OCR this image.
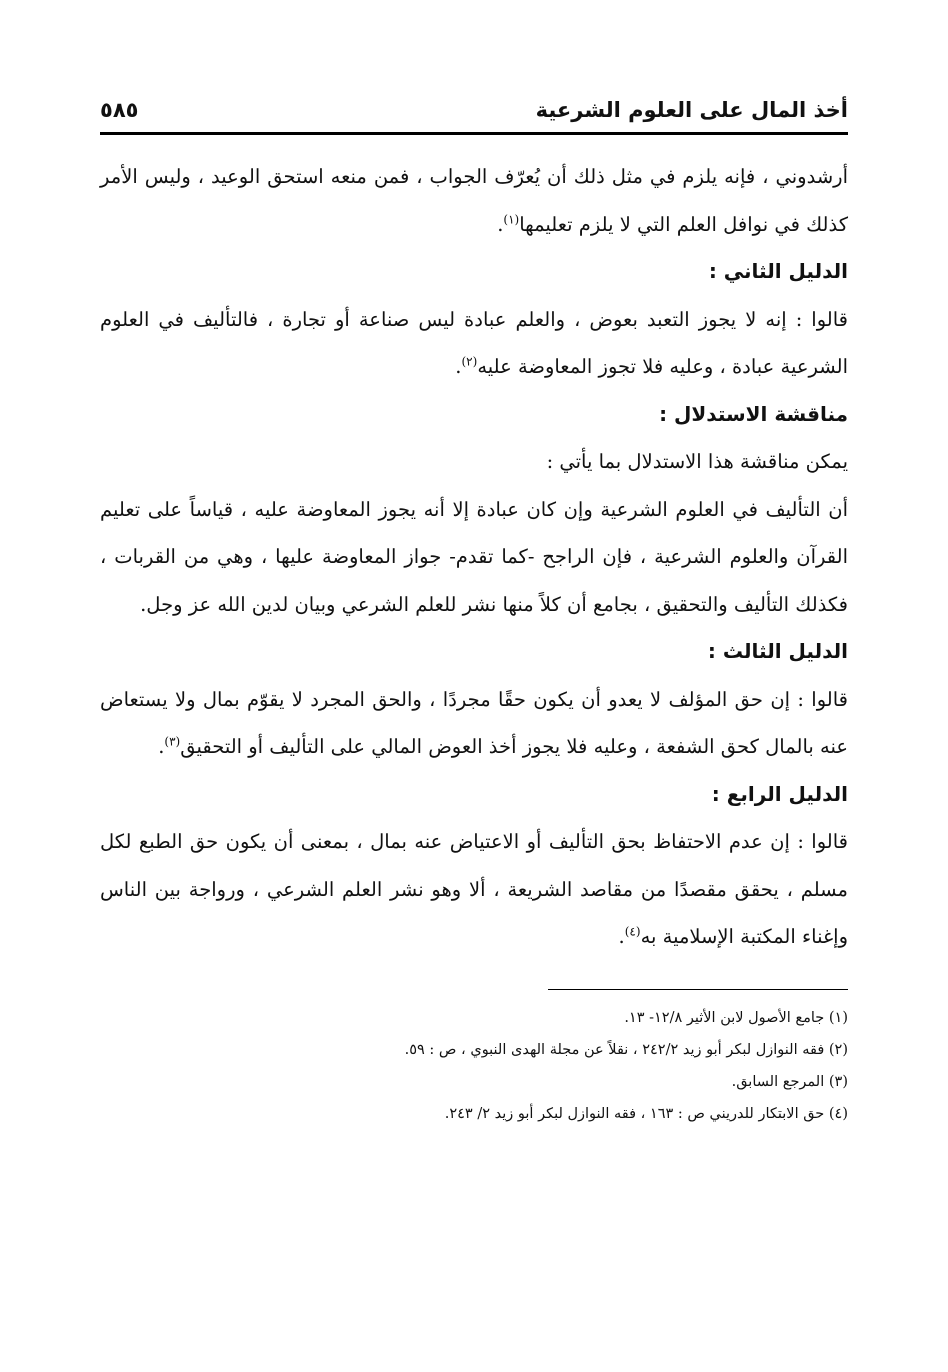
أخذ المال على العلوم الشرعية
٥٨٥

أرشدوني ، فإنه يلزم في مثل ذلك أن يُعرّف الجواب ، فمن منعه استحق الوعيد ، وليس الأمر كذلك في نوافل العلم التي لا يلزم تعليمها$^{(١)}$.

الدليل الثاني :

قالوا : إنه لا يجوز التعبد بعوض ، والعلم عبادة ليس صناعة أو تجارة ، فالتأليف في العلوم الشرعية عبادة ، وعليه فلا تجوز المعاوضة عليه$^{(٢)}$.

مناقشة الاستدلال :

يمكن مناقشة هذا الاستدلال بما يأتي :

أن التأليف في العلوم الشرعية وإن كان عبادة إلا أنه يجوز المعاوضة عليه ، قياساً على تعليم القرآن والعلوم الشرعية ، فإن الراجح -كما تقدم- جواز المعاوضة عليها ، وهي من القربات ، فكذلك التأليف والتحقيق ، بجامع أن كلاً منها نشر للعلم الشرعي وبيان لدين الله عز وجل.

الدليل الثالث :

قالوا : إن حق المؤلف لا يعدو أن يكون حقًا مجردًا ، والحق المجرد لا يقوّم بمال ولا يستعاض عنه بالمال كحق الشفعة ، وعليه فلا يجوز أخذ العوض المالي على التأليف أو التحقيق$^{(٣)}$.

الدليل الرابع :

قالوا : إن عدم الاحتفاظ بحق التأليف أو الاعتياض عنه بمال ، بمعنى أن يكون حق الطبع لكل مسلم ، يحقق مقصدًا من مقاصد الشريعة ، ألا وهو نشر العلم الشرعي ، ورواجة بين الناس وإغناء المكتبة الإسلامية به$^{(٤)}$.

(١) جامع الأصول لابن الأثير ١٢/٨- ١٣.

(٢) فقه النوازل لبكر أبو زيد ٢٤٢/٢ ، نقلاً عن مجلة الهدى النبوي ، ص : ٥٩.

(٣) المرجع السابق.

(٤) حق الابتكار للدريني ص : ١٦٣ ، فقه النوازل لبكر أبو زيد ٢/ ٢٤٣.
